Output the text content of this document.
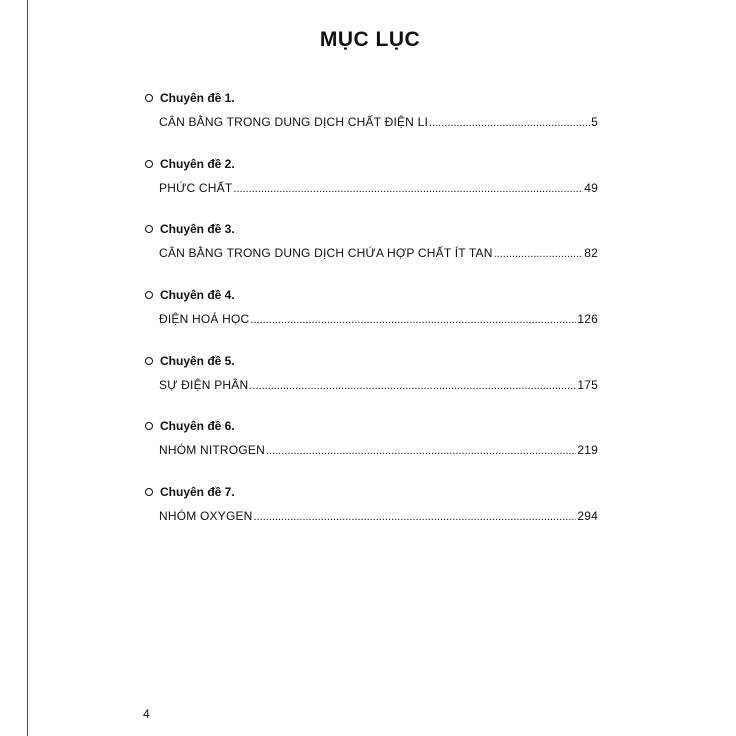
MỤC LỤC
Chuyên đề 1.
CÂN BẰNG TRONG DUNG DỊCH CHẤT ĐIỆN LI .....	5
Chuyên đề 2.
PHỨC CHẤT .....	49
Chuyên đề 3.
CÂN BẰNG TRONG DUNG DỊCH CHỨA HỢP CHẤT ÍT TAN .....	82
Chuyên đề 4.
ĐIỆN HOÁ HỌC .....	126
Chuyên đề 5.
SỰ ĐIỆN PHÂN .....	175
Chuyên đề 6.
NHÓM NITROGEN .....	219
Chuyên đề 7.
NHÓM OXYGEN .....	294
4
